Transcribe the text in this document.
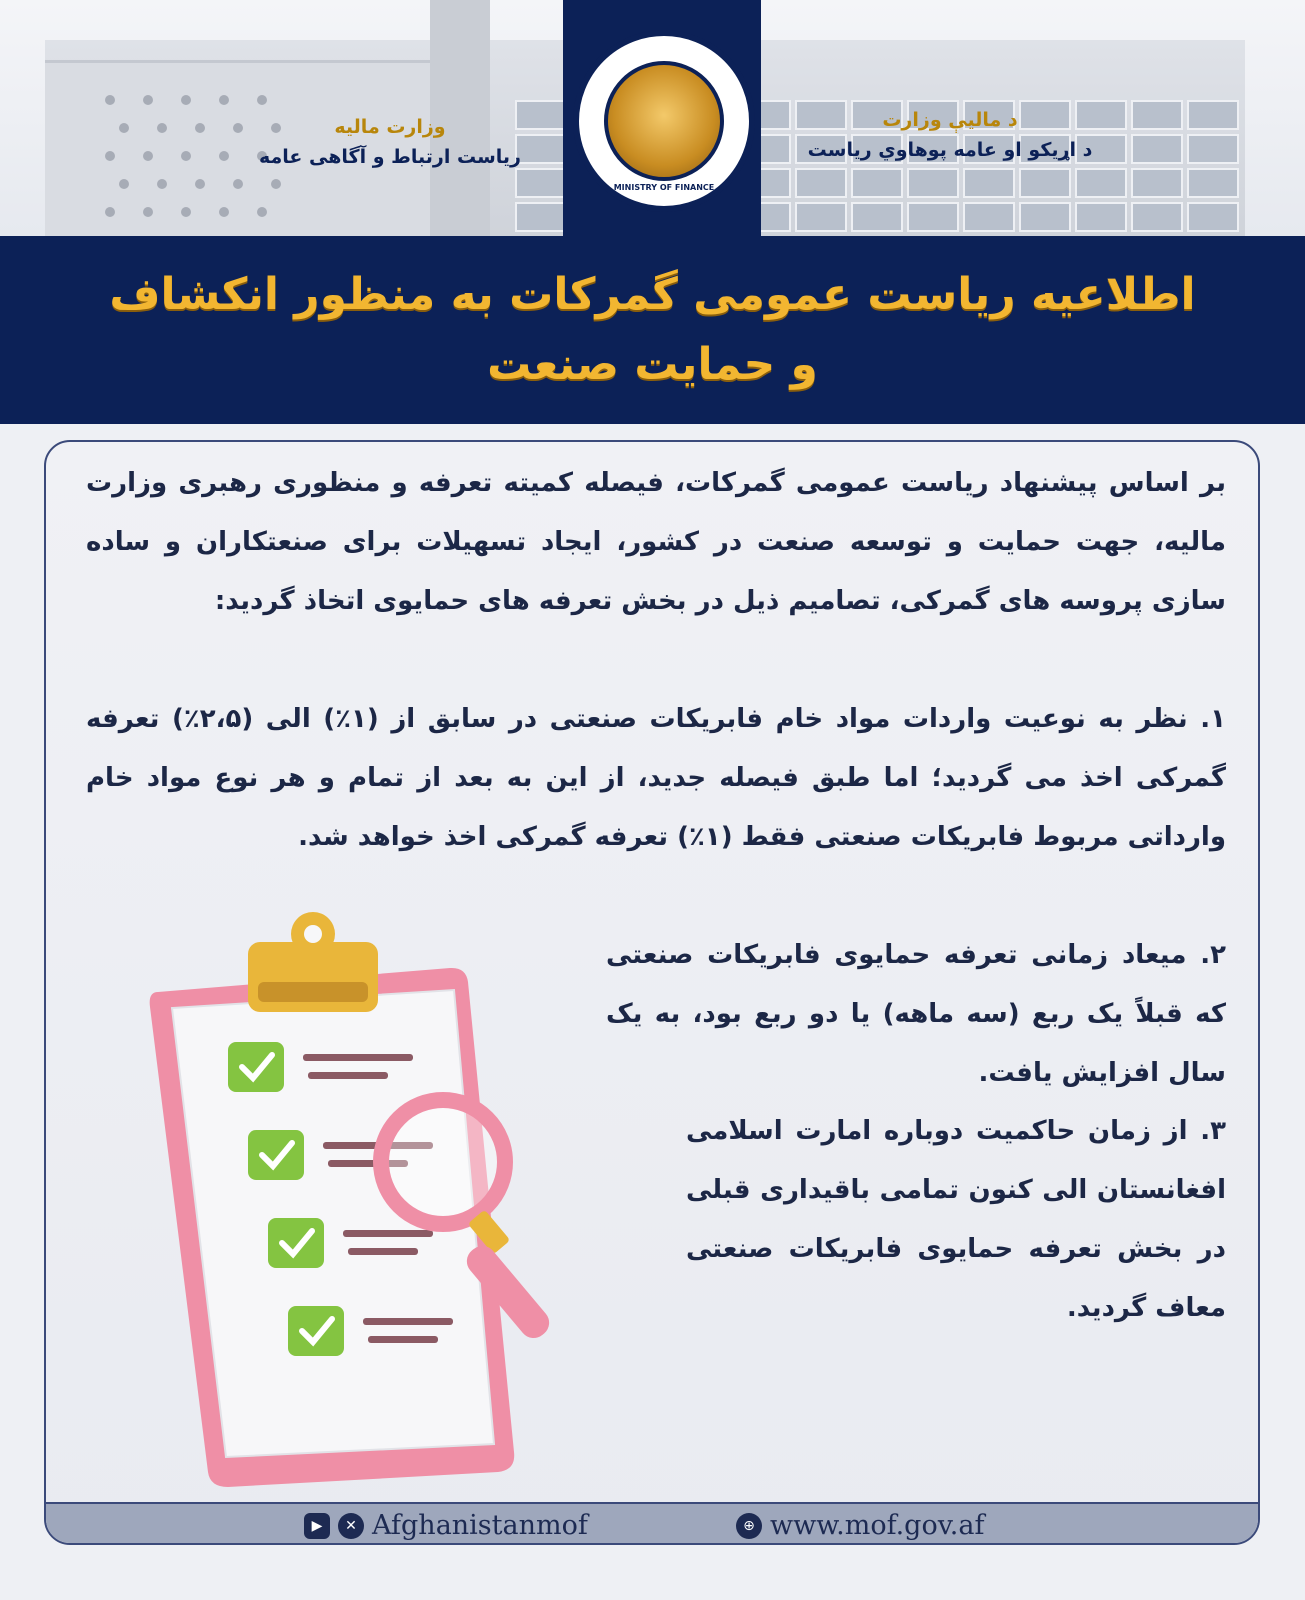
MINISTRY OF FINANCE
وزارت مالیه
ریاست ارتباط و آگاهی عامه
د مالیې وزارت
د اړیکو او عامه پوهاوي ریاست
اطلاعیه ریاست عمومی گمرکات به منظور انکشاف و حمایت صنعت
بر اساس پیشنهاد ریاست عمومی گمرکات، فیصله کمیته تعرفه و منظوری رهبری وزارت مالیه، جهت حمایت و توسعه صنعت در کشور، ایجاد تسهیلات برای صنعتکاران و ساده سازی پروسه های گمرکی، تصامیم ذیل در بخش تعرفه های حمایوی اتخاذ گردید:
۱. نظر به نوعیت واردات مواد خام فابریکات صنعتی در سابق از (۱٪) الی (۲،۵٪) تعرفه گمرکی اخذ می گردید؛ اما طبق فیصله جدید، از این به بعد از تمام و هر نوع مواد خام وارداتی مربوط فابریکات صنعتی فقط (۱٪) تعرفه گمرکی اخذ خواهد شد.
۲. میعاد زمانی تعرفه حمایوی فابریکات صنعتی که قبلاً یک ربع (سه ماهه) یا دو ربع بود، به یک سال افزایش یافت.
۳. از زمان حاکمیت دوباره امارت اسلامی افغانستان الی کنون تمامی باقیداری قبلی در بخش تعرفه حمایوی فابریکات صنعتی معاف گردید.
▶	✕ Afghanistanmof	⊕ www.mof.gov.af
